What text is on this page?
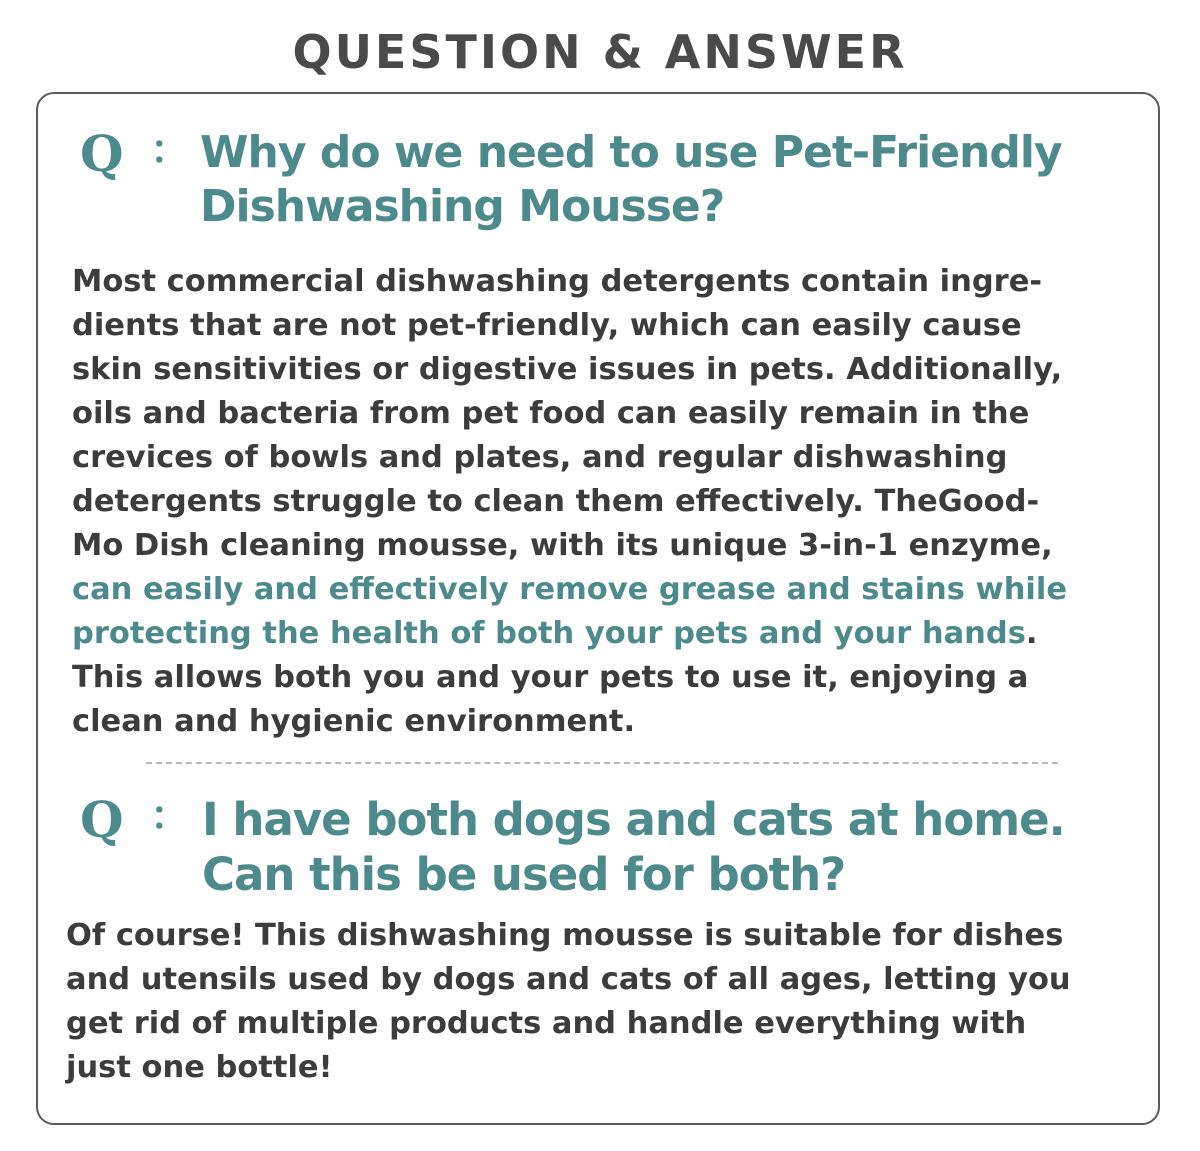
QUESTION & ANSWER
Q ： Why do we need to use Pet-Friendly
Dishwashing Mousse?

Most commercial dishwashing detergents contain ingre-
dients that are not pet-friendly, which can easily cause
skin sensitivities or digestive issues in pets. Additionally,
oils and bacteria from pet food can easily remain in the
crevices of bowls and plates, and regular dishwashing
detergents struggle to clean them effectively. TheGood-
Mo Dish cleaning mousse, with its unique 3-in-1 enzyme,
can easily and effectively remove grease and stains while
protecting the health of both your pets and your hands.
This allows both you and your pets to use it, enjoying a
clean and hygienic environment.

Q ： I have both dogs and cats at home.
Can this be used for both?

Of course! This dishwashing mousse is suitable for dishes
and utensils used by dogs and cats of all ages, letting you
get rid of multiple products and handle everything with
just one bottle!
